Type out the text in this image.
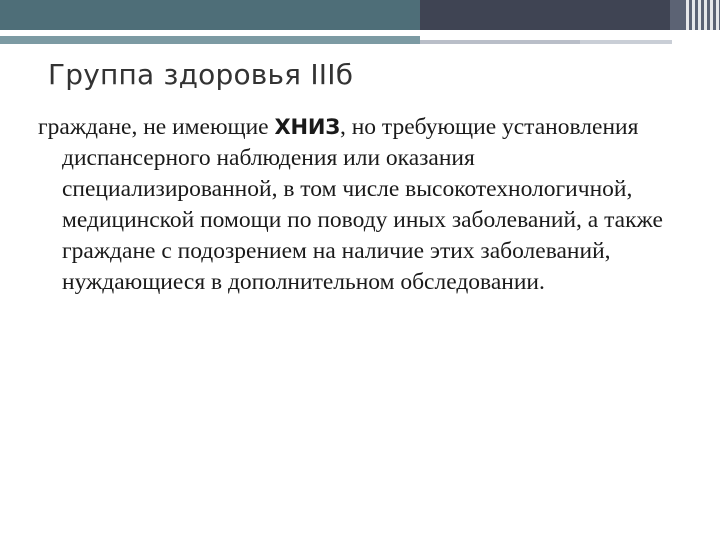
Группа здоровья IIIб

граждане, не имеющие ХНИЗ, но требующие установления диспансерного наблюдения или оказания специализированной, в том числе высокотехнологичной, медицинской помощи по поводу иных заболеваний, а также граждане с подозрением на наличие этих заболеваний, нуждающиеся в дополнительном обследовании.
